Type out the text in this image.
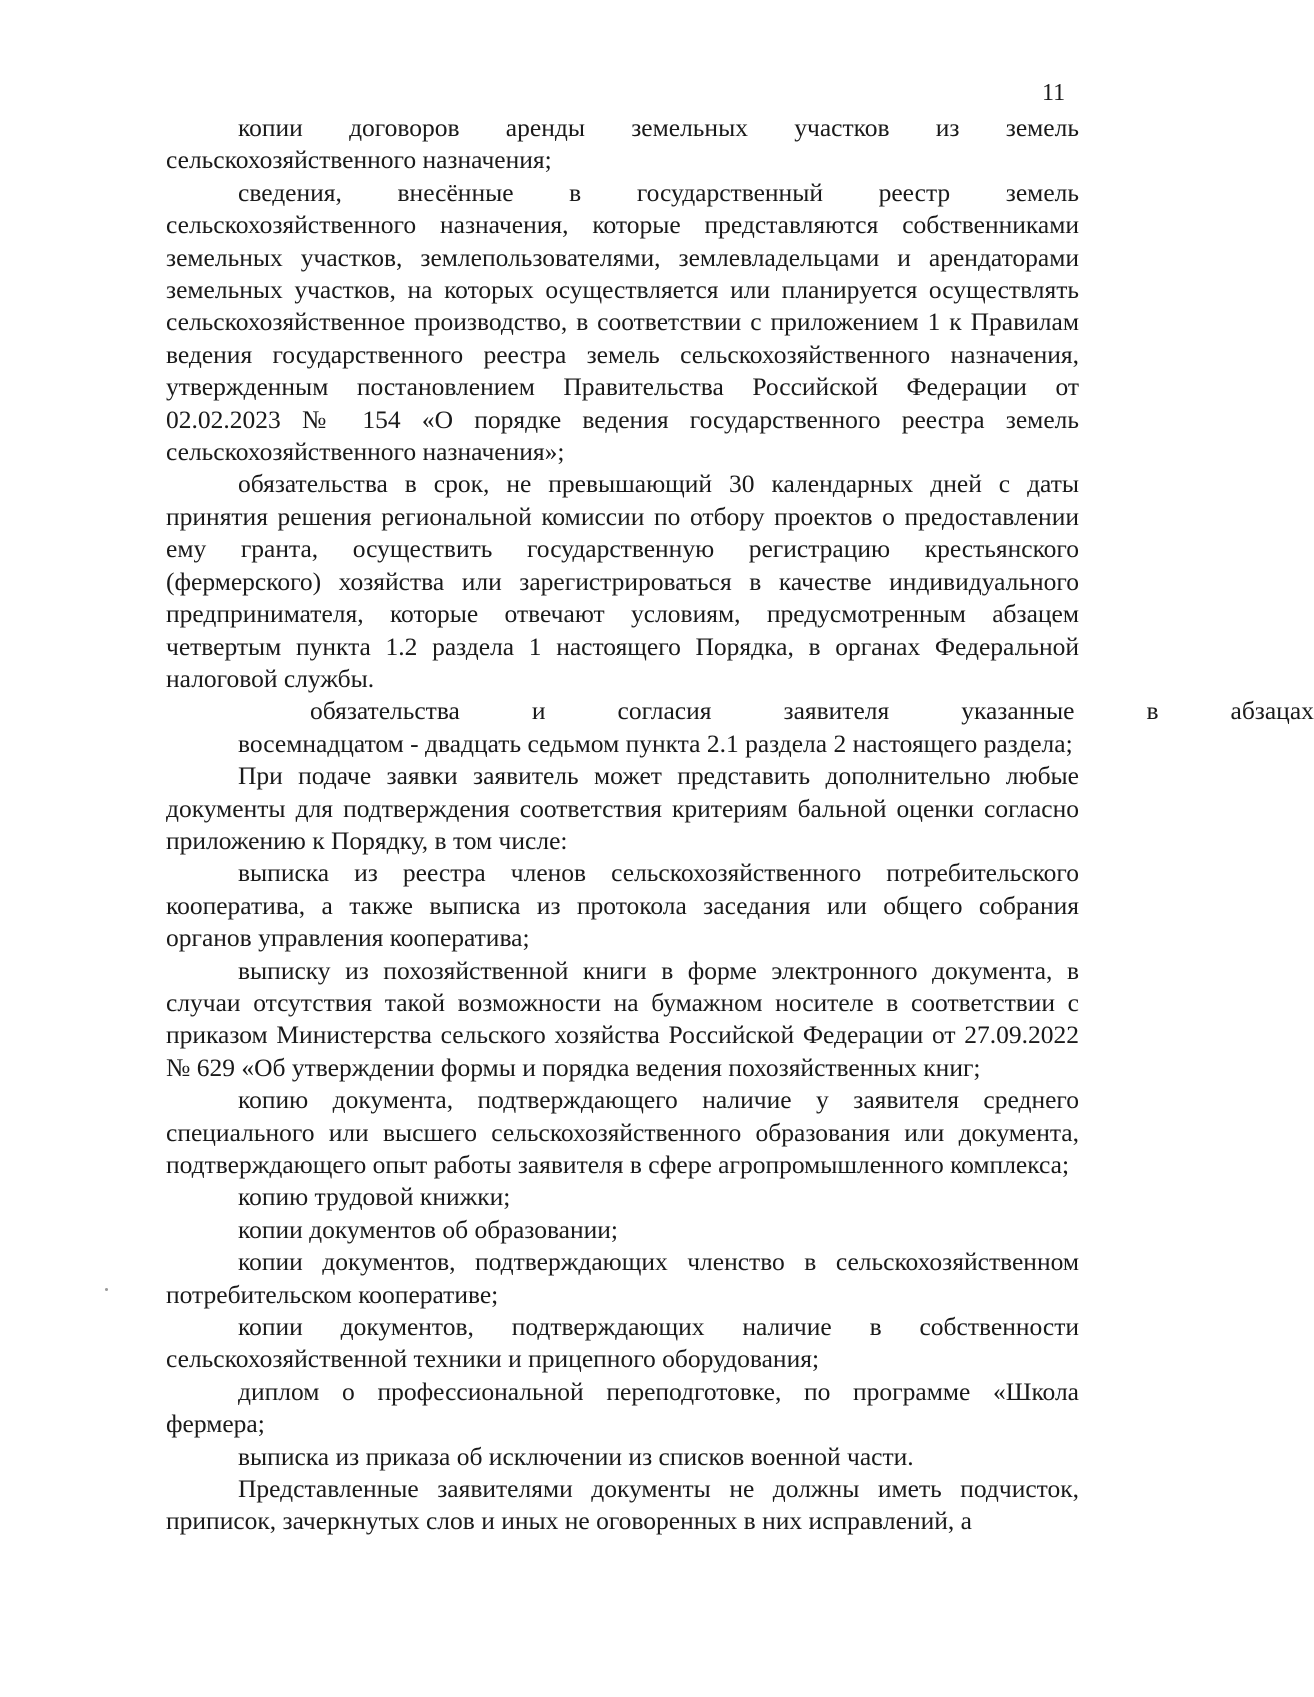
11

копии договоров аренды земельных участков из земель сельскохозяйственного назначения;

сведения, внесённые в государственный реестр земель сельскохозяйственного назначения, которые представляются собственниками земельных участков, землепользователями, землевладельцами и арендаторами земельных участков, на которых осуществляется или планируется осуществлять сельскохозяйственное производство, в соответствии с приложением 1 к Правилам ведения государственного реестра земель сельскохозяйственного назначения, утвержденным постановлением Правительства Российской Федерации от 02.02.2023 № 154 «О порядке ведения государственного реестра земель сельскохозяйственного назначения»;

обязательства в срок, не превышающий 30 календарных дней с даты принятия решения региональной комиссии по отбору проектов о предоставлении ему гранта, осуществить государственную регистрацию крестьянского (фермерского) хозяйства или зарегистрироваться в качестве индивидуального предпринимателя, которые отвечают условиям, предусмотренным абзацем четвертым пункта 1.2 раздела 1 настоящего Порядка, в органах Федеральной налоговой службы.

обязательства	и	согласия	заявителя	указанные	в	абзацах

восемнадцатом - двадцать седьмом пункта 2.1 раздела 2 настоящего раздела;

При подаче заявки заявитель может представить дополнительно любые документы для подтверждения соответствия критериям бальной оценки согласно приложению к Порядку, в том числе:

выписка из реестра членов сельскохозяйственного потребительского кооператива, а также выписка из протокола заседания или общего собрания органов управления кооператива;

выписку из похозяйственной книги в форме электронного документа, в случаи отсутствия такой возможности на бумажном носителе в соответствии с приказом Министерства сельского хозяйства Российской Федерации от 27.09.2022 № 629 «Об утверждении формы и порядка ведения похозяйственных книг;

копию документа, подтверждающего наличие у заявителя среднего специального или высшего сельскохозяйственного образования или документа, подтверждающего опыт работы заявителя в сфере агропромышленного комплекса;

копию трудовой книжки;

копии документов об образовании;

копии документов, подтверждающих членство в сельскохозяйственном потребительском кооперативе;

копии документов, подтверждающих наличие в собственности сельскохозяйственной техники и прицепного оборудования;

диплом о профессиональной переподготовке, по программе «Школа фермера;

выписка из приказа об исключении из списков военной части.

Представленные заявителями документы не должны иметь подчисток, приписок, зачеркнутых слов и иных не оговоренных в них исправлений, а
